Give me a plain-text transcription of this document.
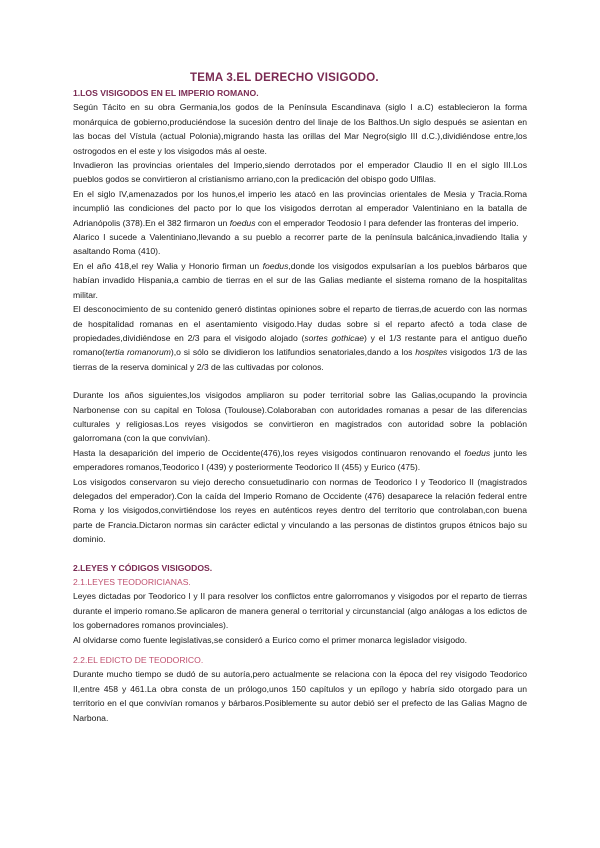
TEMA 3.EL DERECHO VISIGODO.

1.LOS VISIGODOS EN EL IMPERIO ROMANO.

Según Tácito en su obra Germania,los godos de la Península Escandinava (siglo I a.C) establecieron la forma monárquica de gobierno,produciéndose la sucesión dentro del linaje de los Balthos.Un siglo después se asientan en las bocas del Vístula (actual Polonia),migrando hasta las orillas del Mar Negro(siglo III d.C.),dividiéndose entre,los ostrogodos en el este y los visigodos más al oeste.

Invadieron las provincias orientales del Imperio,siendo derrotados por el emperador Claudio II en el siglo III.Los pueblos godos se convirtieron al cristianismo arriano,con la predicación del obispo godo Ulfilas.

En el siglo IV,amenazados por los hunos,el imperio les atacó en las provincias orientales de Mesia y Tracia.Roma incumplió las condiciones del pacto por lo que los visigodos derrotan al emperador Valentiniano en la batalla de Adrianópolis (378).En el 382 firmaron un foedus con el emperador Teodosio I para defender las fronteras del imperio.

Alarico I sucede a Valentiniano,llevando a su pueblo a recorrer parte de la península balcánica,invadiendo Italia y asaltando Roma (410).

En el año 418,el rey Walia y Honorio firman un foedus,donde los visigodos expulsarían a los pueblos bárbaros que habían invadido Hispania,a cambio de tierras en el sur de las Galias mediante el sistema romano de la hospitalitas militar.

El desconocimiento de su contenido generó distintas opiniones sobre el reparto de tierras,de acuerdo con las normas de hospitalidad romanas en el asentamiento visigodo.Hay dudas sobre si el reparto afectó a toda clase de propiedades,dividiéndose en 2/3 para el visigodo alojado (sortes gothicae) y el 1/3 restante para el antiguo dueño romano(tertia romanorum),o si sólo se dividieron los latifundios senatoriales,dando a los hospites visigodos 1/3 de las tierras de la reserva dominical y 2/3 de las cultivadas por colonos.

Durante los años siguientes,los visigodos ampliaron su poder territorial sobre las Galias,ocupando la provincia Narbonense con su capital en Tolosa (Toulouse).Colaboraban con autoridades romanas a pesar de las diferencias culturales y religiosas.Los reyes visigodos se convirtieron en magistrados con autoridad sobre la población galorromana (con la que convivían).

Hasta la desaparición del imperio de Occidente(476),los reyes visigodos continuaron renovando el foedus junto les emperadores romanos,Teodorico I (439) y posteriormente Teodorico II (455) y Eurico (475).

Los visigodos conservaron su viejo derecho consuetudinario con normas de Teodorico I y Teodorico II (magistrados delegados del emperador).Con la caída del Imperio Romano de Occidente (476) desaparece la relación federal entre Roma y los visigodos,convirtiéndose los reyes en auténticos reyes dentro del territorio que controlaban,con buena parte de Francia.Dictaron normas sin carácter edictal y vinculando a las personas de distintos grupos étnicos bajo su dominio.

2.LEYES Y CÓDIGOS VISIGODOS.

2.1.LEYES TEODORICIANAS.

Leyes dictadas por Teodorico I y II para resolver los conflictos entre galorromanos y visigodos por el reparto de tierras durante el imperio romano.Se aplicaron de manera general o territorial y circunstancial (algo análogas a los edictos de los gobernadores romanos provinciales).

Al olvidarse como fuente legislativas,se consideró a Eurico como el primer monarca legislador visigodo.

2.2.EL EDICTO DE TEODORICO.

Durante mucho tiempo se dudó de su autoría,pero actualmente se relaciona con la época del rey visigodo Teodorico II,entre 458 y 461.La obra consta de un prólogo,unos 150 capítulos y un epílogo y habría sido otorgado para un territorio en el que convivían romanos y bárbaros.Posiblemente su autor debió ser el prefecto de las Galias Magno de Narbona.
